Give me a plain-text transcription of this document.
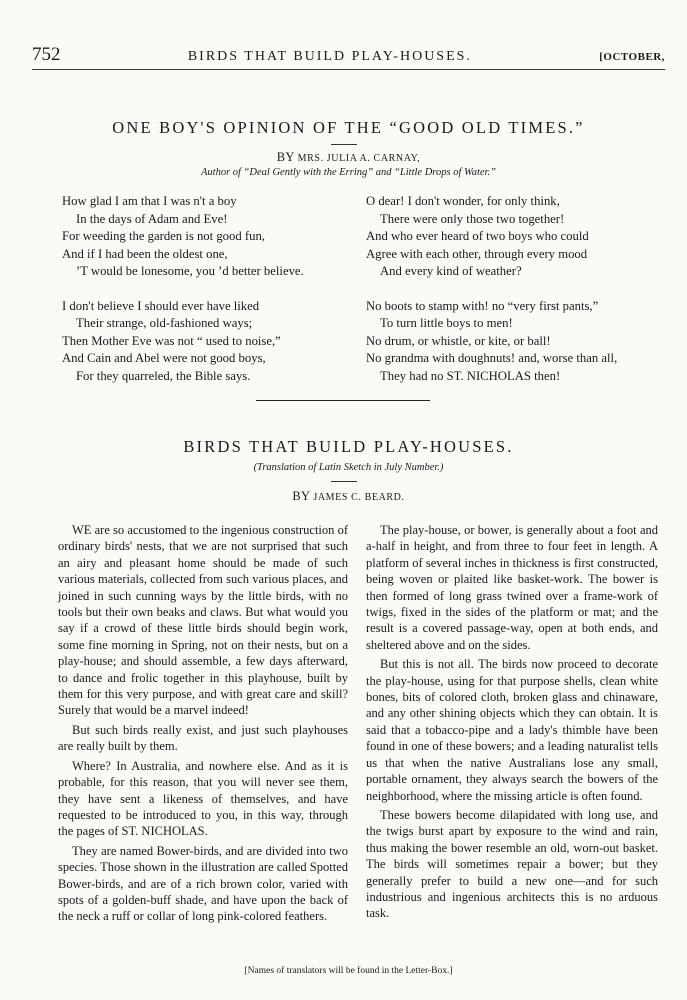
752	BIRDS THAT BUILD PLAY-HOUSES.	[OCTOBER,
ONE BOY'S OPINION OF THE “GOOD OLD TIMES.”
BY MRS. JULIA A. CARNAY,
Author of “Deal Gently with the Erring” and “Little Drops of Water.”
How glad I am that I was n't a boy
In the days of Adam and Eve!
For weeding the garden is not good fun,
And if I had been the oldest one,
’T would be lonesome, you ’d better believe.
I don't believe I should ever have liked
Their strange, old-fashioned ways;
Then Mother Eve was not “ used to noise,”
And Cain and Abel were not good boys,
For they quarreled, the Bible says.
O dear! I don't wonder, for only think,
There were only those two together!
And who ever heard of two boys who could
Agree with each other, through every mood
And every kind of weather?
No boots to stamp with! no “very first pants,”
To turn little boys to men!
No drum, or whistle, or kite, or ball!
No grandma with doughnuts! and, worse than all,
They had no ST. NICHOLAS then!
BIRDS THAT BUILD PLAY-HOUSES.
(Translation of Latin Sketch in July Number.)
BY JAMES C. BEARD.

WE are so accustomed to the ingenious construction of ordinary birds' nests, that we are not surprised that such an airy and pleasant home should be made of such various materials, collected from such various places, and joined in such cunning ways by the little birds, with no tools but their own beaks and claws. But what would you say if a crowd of these little birds should begin work, some fine morning in Spring, not on their nests, but on a play-house; and should assemble, a few days afterward, to dance and frolic together in this playhouse, built by them for this very purpose, and with great care and skill? Surely that would be a marvel indeed!

But such birds really exist, and just such playhouses are really built by them.

Where? In Australia, and nowhere else. And as it is probable, for this reason, that you will never see them, they have sent a likeness of themselves, and have requested to be introduced to you, in this way, through the pages of ST. NICHOLAS.

They are named Bower-birds, and are divided into two species. Those shown in the illustration are called Spotted Bower-birds, and are of a rich brown color, varied with spots of a golden-buff shade, and have upon the back of the neck a ruff or collar of long pink-colored feathers.

The play-house, or bower, is generally about a foot and a-half in height, and from three to four feet in length. A platform of several inches in thickness is first constructed, being woven or plaited like basket-work. The bower is then formed of long grass twined over a frame-work of twigs, fixed in the sides of the platform or mat; and the result is a covered passage-way, open at both ends, and sheltered above and on the sides.

But this is not all. The birds now proceed to decorate the play-house, using for that purpose shells, clean white bones, bits of colored cloth, broken glass and chinaware, and any other shining objects which they can obtain. It is said that a tobacco-pipe and a lady's thimble have been found in one of these bowers; and a leading naturalist tells us that when the native Australians lose any small, portable ornament, they always search the bowers of the neighborhood, where the missing article is often found.

These bowers become dilapidated with long use, and the twigs burst apart by exposure to the wind and rain, thus making the bower resemble an old, worn-out basket. The birds will sometimes repair a bower; but they generally prefer to build a new one—and for such industrious and ingenious architects this is no arduous task.

[Names of translators will be found in the Letter-Box.]
